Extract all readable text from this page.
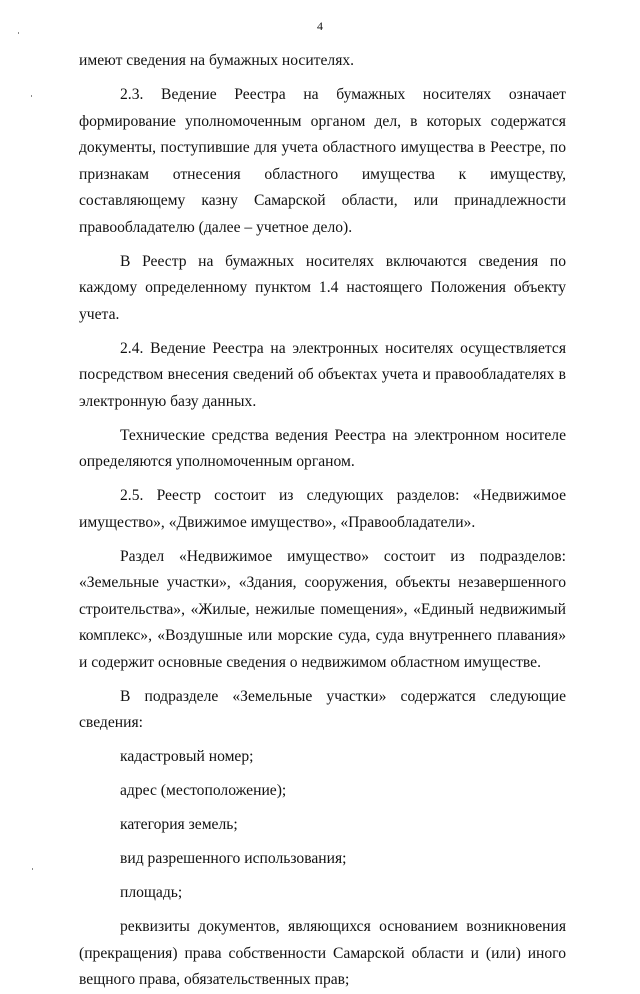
4

имеют сведения на бумажных носителях.

2.3. Ведение Реестра на бумажных носителях означает формирование уполномоченным органом дел, в которых содержатся документы, поступившие для учета областного имущества в Реестре, по признакам отнесения областного имущества к имуществу, составляющему казну Самарской области, или принадлежности правообладателю (далее – учетное дело).

В Реестр на бумажных носителях включаются сведения по каждому определенному пунктом 1.4 настоящего Положения объекту учета.

2.4. Ведение Реестра на электронных носителях осуществляется посредством внесения сведений об объектах учета и правообладателях в электронную базу данных.

Технические средства ведения Реестра на электронном носителе определяются уполномоченным органом.

2.5. Реестр состоит из следующих разделов: «Недвижимое имущество», «Движимое имущество», «Правообладатели».

Раздел «Недвижимое имущество» состоит из подразделов: «Земельные участки», «Здания, сооружения, объекты незавершенного строительства», «Жилые, нежилые помещения», «Единый недвижимый комплекс», «Воздушные или морские суда, суда внутреннего плавания» и содержит основные сведения о недвижимом областном имуществе.

В подразделе «Земельные участки» содержатся следующие сведения:

кадастровый номер;

адрес (местоположение);

категория земель;

вид разрешенного использования;

площадь;

реквизиты документов, являющихся основанием возникновения (прекращения) права собственности Самарской области и (или) иного вещного права, обязательственных прав;
